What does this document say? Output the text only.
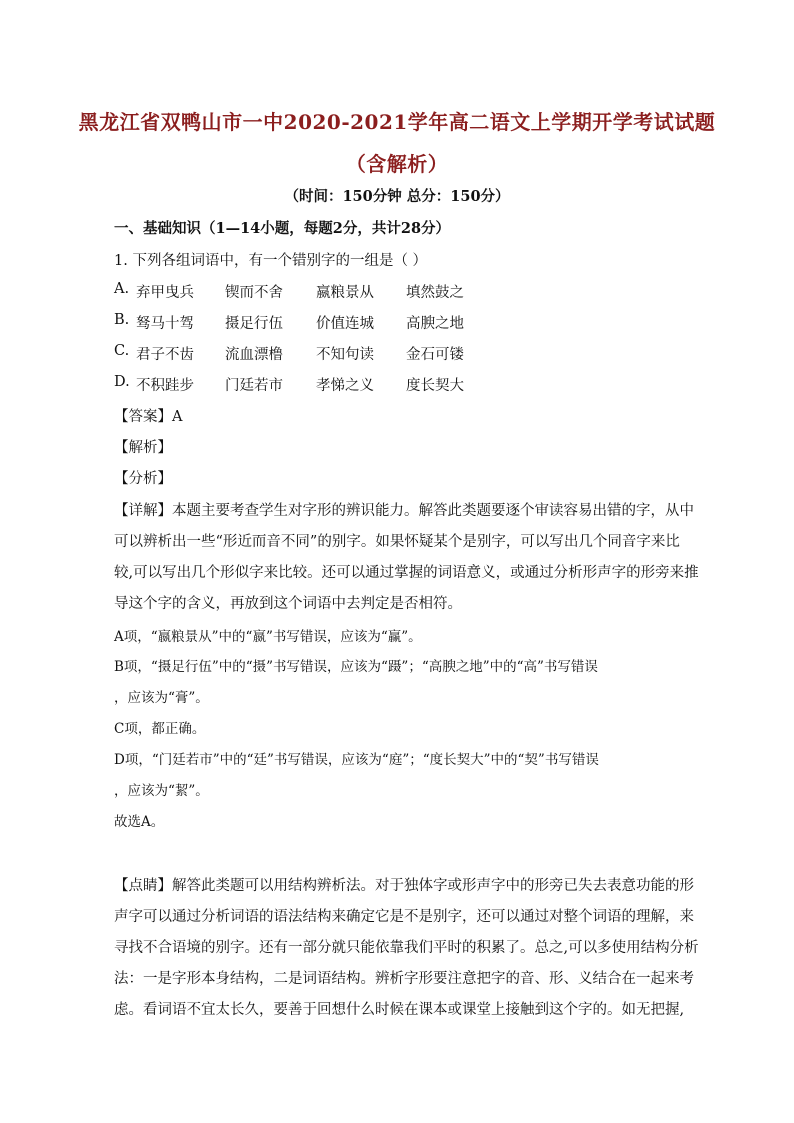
黑龙江省双鸭山市一中2020-2021学年高二语文上学期开学考试试题
（含解析）
（时间：150分钟 总分：150分）
一、基础知识（1—14小题，每题2分，共计28分）
1. 下列各组词语中，有一个错别字的一组是（ ）
A. 弃甲曳兵 锲而不舍 嬴粮景从 填然鼓之
B. 驽马十驾 摄足行伍 价值连城 高腴之地
C. 君子不齿 流血漂橹 不知句读 金石可镂
D. 不积跬步 门廷若市 孝悌之义 度长契大
【答案】A
【解析】
【分析】
【详解】本题主要考查学生对字形的辨识能力。解答此类题要逐个审读容易出错的字，从中
可以辨析出一些“形近而音不同”的别字。如果怀疑某个是别字，可以写出几个同音字来比
较,可以写出几个形似字来比较。还可以通过掌握的词语意义，或通过分析形声字的形旁来推
导这个字的含义，再放到这个词语中去判定是否相符。
A项，“嬴粮景从”中的“嬴”书写错误，应该为“赢”。
B项，“摄足行伍”中的“摄”书写错误，应该为“蹑”；“高腴之地”中的“高”书写错误
，应该为“膏”。
C项，都正确。
D项，“门廷若市”中的“廷”书写错误，应该为“庭”；“度长契大”中的“契”书写错误
，应该为“絜”。
故选A。
【点睛】解答此类题可以用结构辨析法。对于独体字或形声字中的形旁已失去表意功能的形
声字可以通过分析词语的语法结构来确定它是不是别字，还可以通过对整个词语的理解，来
寻找不合语境的别字。还有一部分就只能依靠我们平时的积累了。总之,可以多使用结构分析
法：一是字形本身结构，二是词语结构。辨析字形要注意把字的音、形、义结合在一起来考
虑。看词语不宜太长久，要善于回想什么时候在课本或课堂上接触到这个字的。如无把握,
